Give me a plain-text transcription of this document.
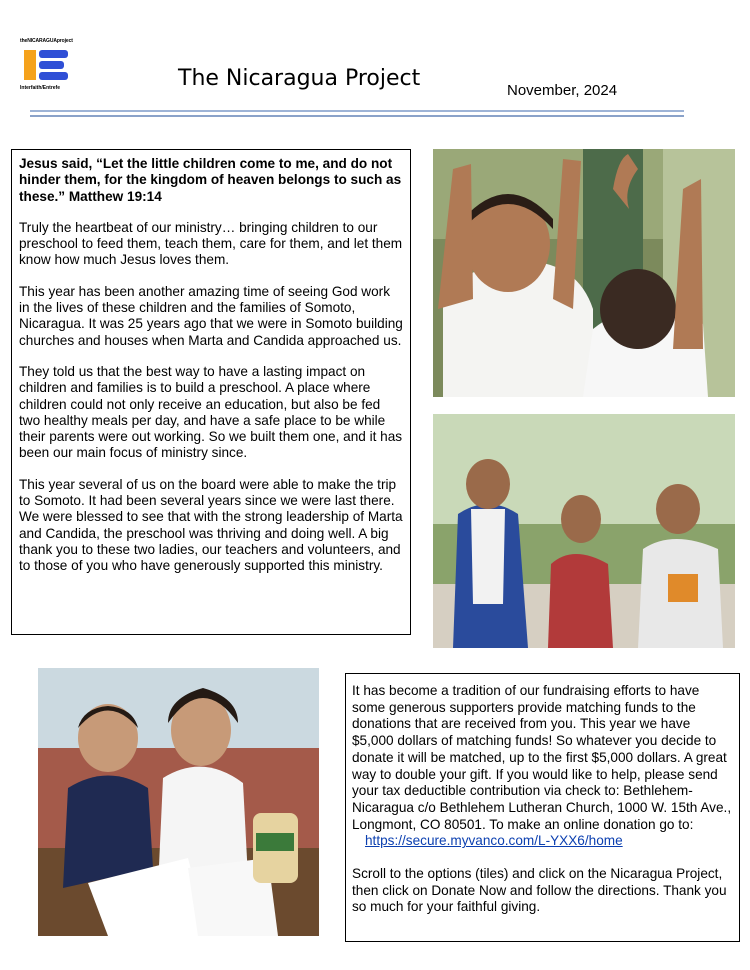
theNICARAGUAproject
Interfaith/Entrefe	The Nicaragua Project	November, 2024

Jesus said, “Let the little children come to me, and do not hinder them, for the kingdom of heaven belongs to such as these.” Matthew 19:14

Truly the heartbeat of our ministry… bringing children to our preschool to feed them, teach them, care for them, and let them know how much Jesus loves them.

This year has been another amazing time of seeing God work in the lives of these children and the families of Somoto, Nicaragua. It was 25 years ago that we were in Somoto building churches and houses when Marta and Candida approached us.

They told us that the best way to have a lasting impact on children and families is to build a preschool. A place where children could not only receive an education, but also be fed two healthy meals per day, and have a safe place to be while their parents were out working. So we built them one, and it has been our main focus of ministry since.

This year several of us on the board were able to make the trip to Somoto. It had been several years since we were last there. We were blessed to see that with the strong leadership of Marta and Candida, the preschool was thriving and doing well. A big thank you to these two ladies, our teachers and volunteers, and to those of you who have generously supported this ministry.

It has become a tradition of our fundraising efforts to have some generous supporters provide matching funds to the donations that are received from you. This year we have $5,000 dollars of matching funds! So whatever you decide to donate it will be matched, up to the first $5,000 dollars. A great way to double your gift. If you would like to help, please send your tax deductible contribution via check to: Bethlehem- Nicaragua c/o Bethlehem Lutheran Church, 1000 W. 15th Ave., Longmont, CO 80501. To make an online donation go to:
https://secure.myvanco.com/L-YXX6/home
Scroll to the options (tiles) and click on the Nicaragua Project, then click on Donate Now and follow the directions. Thank you so much for your faithful giving.
